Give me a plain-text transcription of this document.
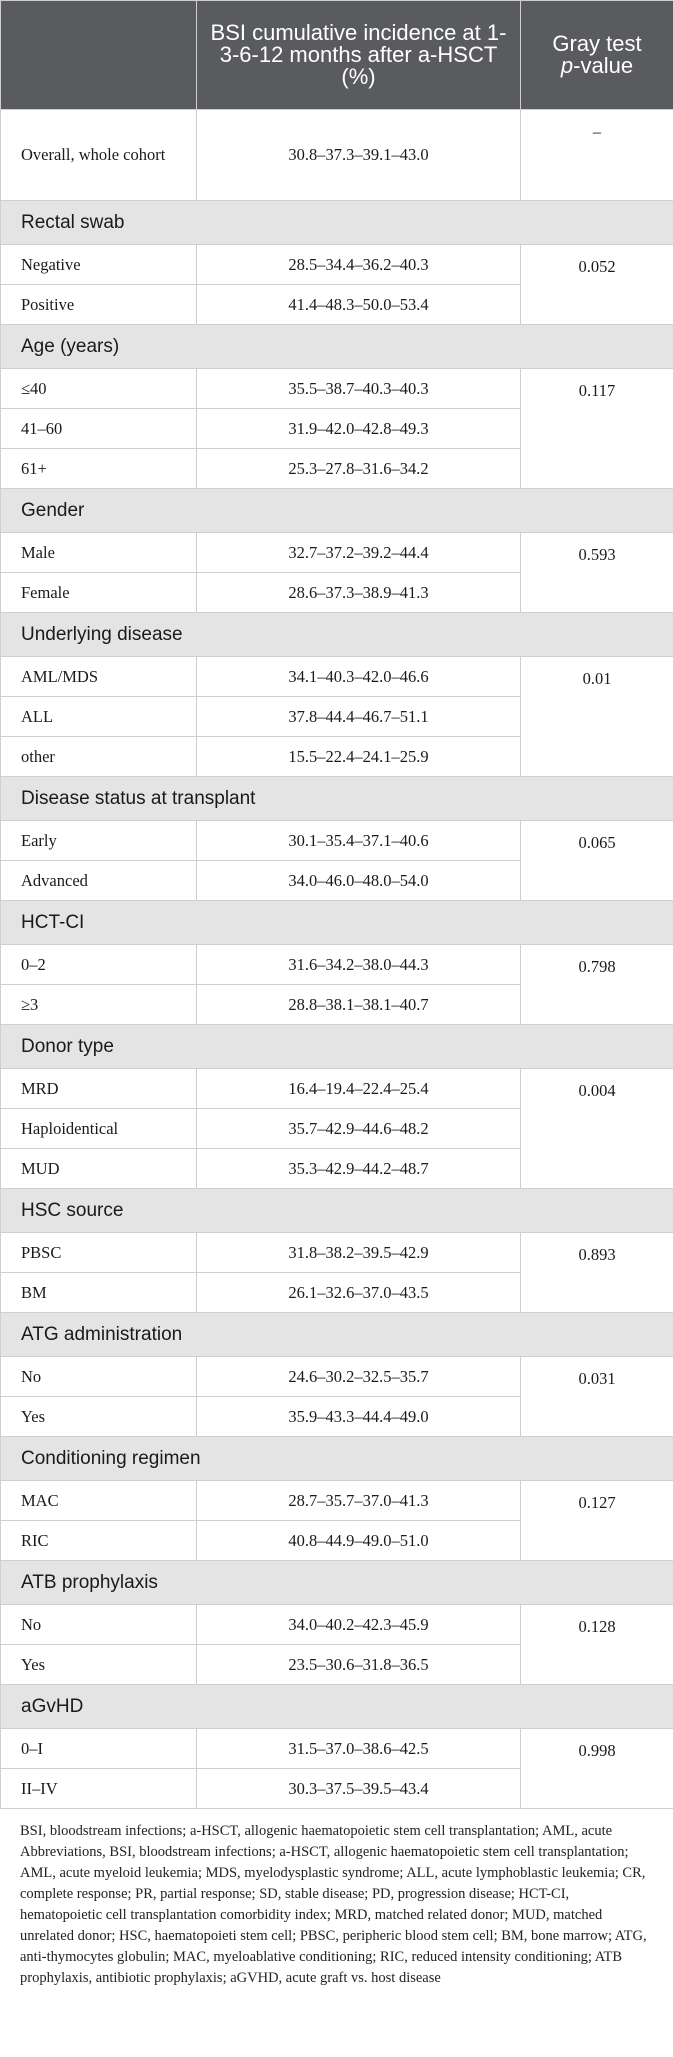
	BSI cumulative incidence at 1-3-6-12 months after a-HSCT (%)	Gray test
p-value
Overall, whole cohort	30.8–37.3–39.1–43.0	–
Rectal swab		
Negative	28.5–34.4–36.2–40.3	0.052
Positive	41.4–48.3–50.0–53.4	
Age (years)		
≤40	35.5–38.7–40.3–40.3	0.117
41–60	31.9–42.0–42.8–49.3	
61+	25.3–27.8–31.6–34.2	
Gender		
Male	32.7–37.2–39.2–44.4	0.593
Female	28.6–37.3–38.9–41.3	
Underlying disease		
AML/MDS	34.1–40.3–42.0–46.6	0.01
ALL	37.8–44.4–46.7–51.1	
other	15.5–22.4–24.1–25.9	
Disease status at transplant		
Early	30.1–35.4–37.1–40.6	0.065
Advanced	34.0–46.0–48.0–54.0	
HCT-CI		
0–2	31.6–34.2–38.0–44.3	0.798
≥3	28.8–38.1–38.1–40.7	
Donor type		
MRD	16.4–19.4–22.4–25.4	0.004
Haploidentical	35.7–42.9–44.6–48.2	
MUD	35.3–42.9–44.2–48.7	
HSC source		
PBSC	31.8–38.2–39.5–42.9	0.893
BM	26.1–32.6–37.0–43.5	
ATG administration		
No	24.6–30.2–32.5–35.7	0.031
Yes	35.9–43.3–44.4–49.0	
Conditioning regimen		
MAC	28.7–35.7–37.0–41.3	0.127
RIC	40.8–44.9–49.0–51.0	
ATB prophylaxis		
No	34.0–40.2–42.3–45.9	0.128
Yes	23.5–30.6–31.8–36.5	
aGvHD		
0–I	31.5–37.0–38.6–42.5	0.998
II–IV	30.3–37.5–39.5–43.4	
BSI, bloodstream infections; a-HSCT, allogenic haematopoietic stem cell transplantation; AML, acute Abbreviations, BSI, bloodstream infections; a-HSCT, allogenic haematopoietic stem cell transplantation; AML, acute myeloid leukemia; MDS, myelodysplastic syndrome; ALL, acute lymphoblastic leukemia; CR, complete response; PR, partial response; SD, stable disease; PD, progression disease; HCT-CI, hematopoietic cell transplantation comorbidity index; MRD, matched related donor; MUD, matched unrelated donor; HSC, haematopoieti stem cell; PBSC, peripheric blood stem cell; BM, bone marrow; ATG, anti-thymocytes globulin; MAC, myeloablative conditioning; RIC, reduced intensity conditioning; ATB prophylaxis, antibiotic prophylaxis; aGVHD, acute graft vs. host disease
